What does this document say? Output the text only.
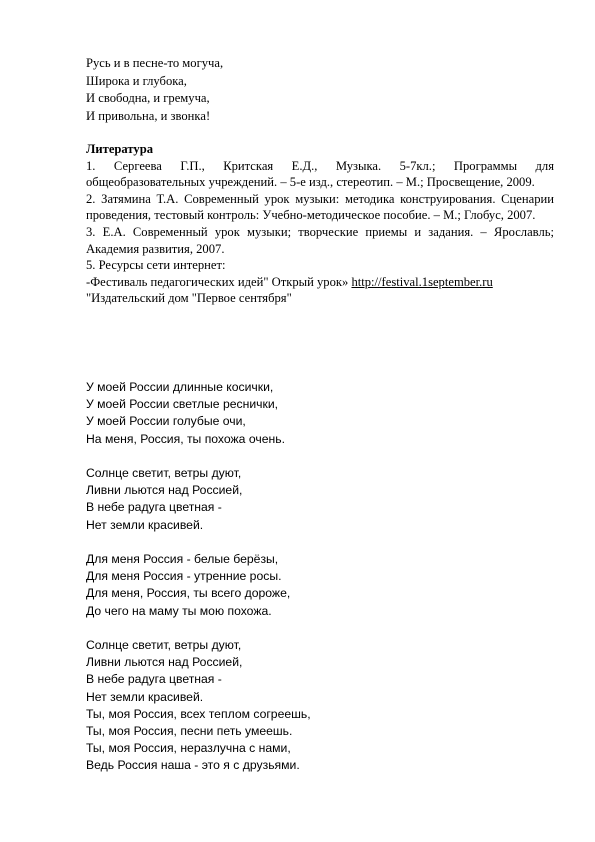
Русь и в песне-то могуча,
Широка и глубока,
И свободна, и гремуча,
И привольна, и звонка!
Литература
1. Сергеева Г.П., Критская Е.Д., Музыка. 5-7кл.; Программы для общеобразовательных учреждений. – 5-е изд., стереотип. – М.; Просвещение, 2009.
2. Затямина Т.А. Современный урок музыки: методика конструирования. Сценарии проведения, тестовый контроль: Учебно-методическое пособие. – М.; Глобус, 2007.
3. Е.А. Современный урок музыки; творческие приемы и задания. – Ярославль; Академия развития, 2007.
5. Ресурсы сети интернет:
-Фестиваль педагогических идей" Открый урок» http://festival.1september.ru
"Издательский дом "Первое сентября"
У моей России длинные косички,
У моей России светлые реснички,
У моей России голубые очи,
На меня, Россия, ты похожа очень.
Солнце светит, ветры дуют,
Ливни льются над Россией,
В небе радуга цветная -
Нет земли красивей.
Для меня Россия - белые берёзы,
Для меня Россия - утренние росы.
Для меня, Россия, ты всего дороже,
До чего на маму ты мою похожа.
Солнце светит, ветры дуют,
Ливни льются над Россией,
В небе радуга цветная -
Нет земли красивей.
Ты, моя Россия, всех теплом согреешь,
Ты, моя Россия, песни петь умеешь.
Ты, моя Россия, неразлучна с нами,
Ведь Россия наша - это я с друзьями.
